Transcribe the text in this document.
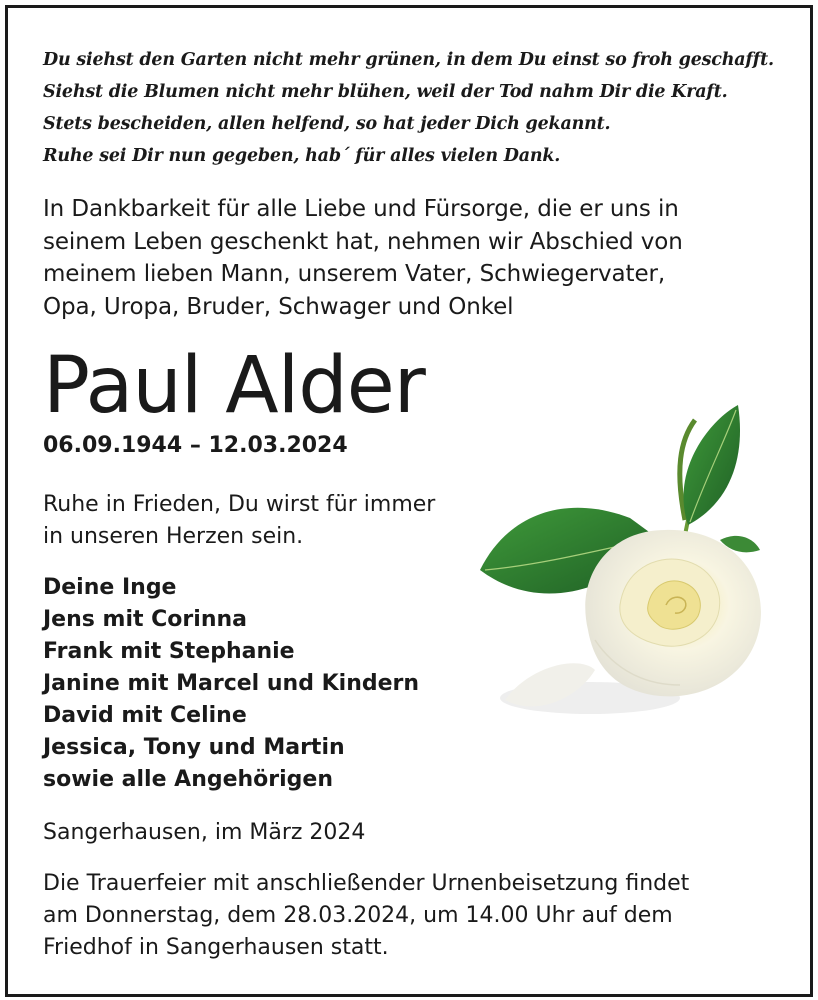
Du siehst den Garten nicht mehr grünen, in dem Du einst so froh geschafft.
Siehst die Blumen nicht mehr blühen, weil der Tod nahm Dir die Kraft.
Stets bescheiden, allen helfend, so hat jeder Dich gekannt.
Ruhe sei Dir nun gegeben, hab´ für alles vielen Dank.
In Dankbarkeit für alle Liebe und Fürsorge, die er uns in
seinem Leben geschenkt hat, nehmen wir Abschied von
meinem lieben Mann, unserem Vater, Schwiegervater,
Opa, Uropa, Bruder, Schwager und Onkel
Paul Alder
06.09.1944 – 12.03.2024
Ruhe in Frieden, Du wirst für immer
in unseren Herzen sein.
Deine Inge
Jens mit Corinna
Frank mit Stephanie
Janine mit Marcel und Kindern
David mit Celine
Jessica, Tony und Martin
sowie alle Angehörigen
Sangerhausen, im März 2024
Die Trauerfeier mit anschließender Urnenbeisetzung findet
am Donnerstag, dem 28.03.2024, um 14.00 Uhr auf dem
Friedhof in Sangerhausen statt.
